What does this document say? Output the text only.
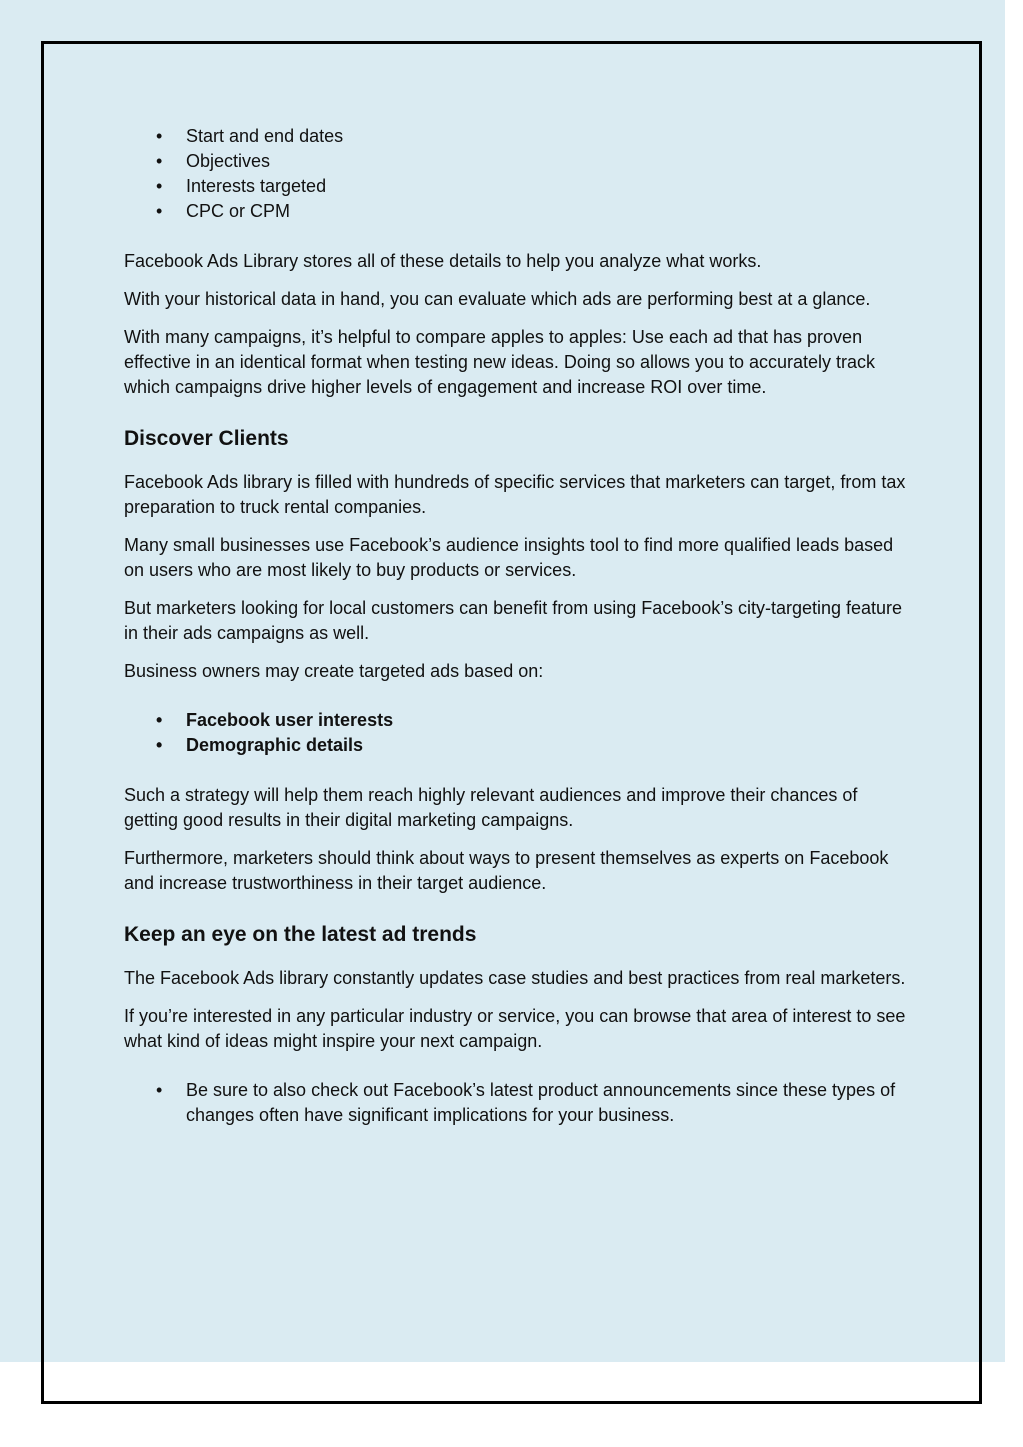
• Start and end dates
• Objectives
• Interests targeted
• CPC or CPM

Facebook Ads Library stores all of these details to help you analyze what works.

With your historical data in hand, you can evaluate which ads are performing best at a glance.

With many campaigns, it’s helpful to compare apples to apples: Use each ad that has proven effective in an identical format when testing new ideas. Doing so allows you to accurately track which campaigns drive higher levels of engagement and increase ROI over time.

Discover Clients

Facebook Ads library is filled with hundreds of specific services that marketers can target, from tax preparation to truck rental companies.

Many small businesses use Facebook’s audience insights tool to find more qualified leads based on users who are most likely to buy products or services.

But marketers looking for local customers can benefit from using Facebook’s city-targeting feature in their ads campaigns as well.

Business owners may create targeted ads based on:

• Facebook user interests
• Demographic details

Such a strategy will help them reach highly relevant audiences and improve their chances of getting good results in their digital marketing campaigns.

Furthermore, marketers should think about ways to present themselves as experts on Facebook and increase trustworthiness in their target audience.

Keep an eye on the latest ad trends

The Facebook Ads library constantly updates case studies and best practices from real marketers.

If you’re interested in any particular industry or service, you can browse that area of interest to see what kind of ideas might inspire your next campaign.

• Be sure to also check out Facebook’s latest product announcements since these types of changes often have significant implications for your business.
